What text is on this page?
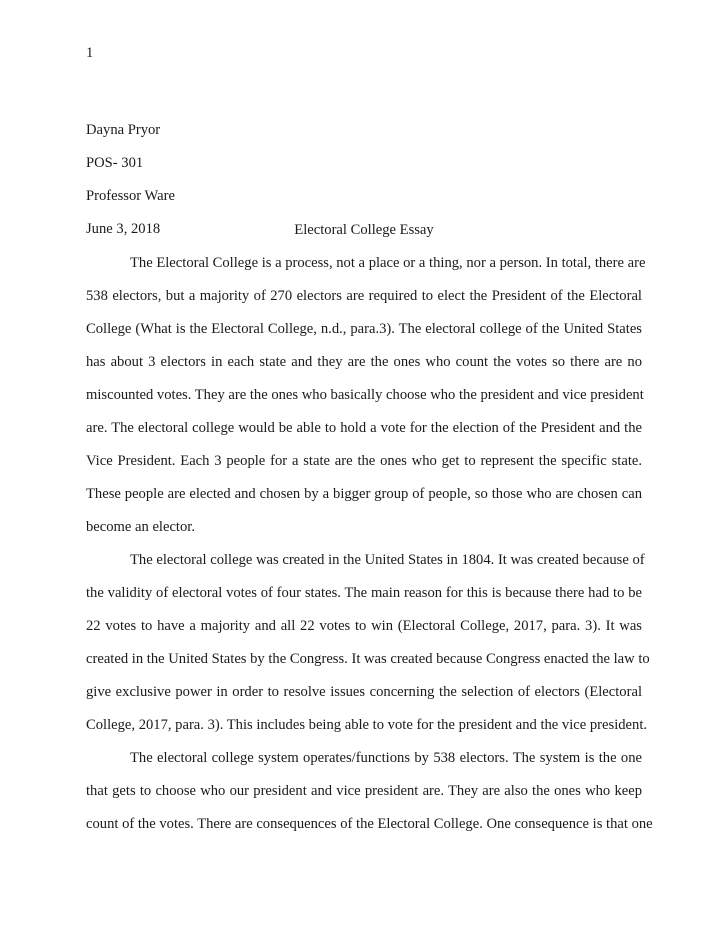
1
Dayna Pryor
POS- 301
Professor Ware
June 3, 2018	Electoral College Essay
The Electoral College is a process, not a place or a thing, nor a person. In total, there are
538 electors, but a majority of 270 electors are required to elect the President of the Electoral
College (What is the Electoral College, n.d., para.3). The electoral college of the United States
has about 3 electors in each state and they are the ones who count the votes so there are no
miscounted votes. They are the ones who basically choose who the president and vice president
are. The electoral college would be able to hold a vote for the election of the President and the
Vice President. Each 3 people for a state are the ones who get to represent the specific state.
These people are elected and chosen by a bigger group of people, so those who are chosen can
become an elector.
The electoral college was created in the United States in 1804. It was created because of
the validity of electoral votes of four states. The main reason for this is because there had to be
22 votes to have a majority and all 22 votes to win (Electoral College, 2017, para. 3). It was
created in the United States by the Congress. It was created because Congress enacted the law to
give exclusive power in order to resolve issues concerning the selection of electors (Electoral
College, 2017, para. 3). This includes being able to vote for the president and the vice president.
The electoral college system operates/functions by 538 electors. The system is the one
that gets to choose who our president and vice president are. They are also the ones who keep
count of the votes. There are consequences of the Electoral College. One consequence is that one
